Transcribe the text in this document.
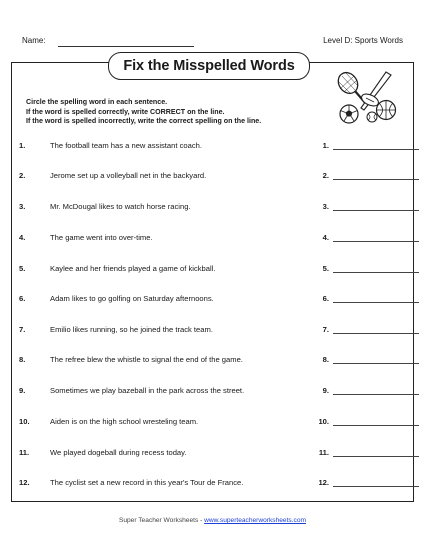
Name:	Level D: Sports Words
Fix the Misspelled Words
Circle the spelling word in each sentence.
If the word is spelled correctly, write CORRECT on the line.
If the word is spelled incorrectly, write the correct spelling on the line.
1.	The football team has a new assistant coach.	1.
2.	Jerome set up a volleyball net in the backyard.	2.
3.	Mr. McDougal likes to watch horse racing.	3.
4.	The game went into over-time.	4.
5.	Kaylee and her friends played a game of kickball.	5.
6.	Adam likes to go golfing on Saturday afternoons.	6.
7.	Emilio likes running, so he joined the track team.	7.
8.	The refree blew the whistle to signal the end of the game.	8.
9.	Sometimes we play bazeball in the park across the street.	9.
10.	Aiden is on the high school wresteling team.	10.
11.	We played dogeball during recess today.	11.
12.	The cyclist set a new record in this year's Tour de France.	12.
Super Teacher Worksheets - www.superteacherworksheets.com
